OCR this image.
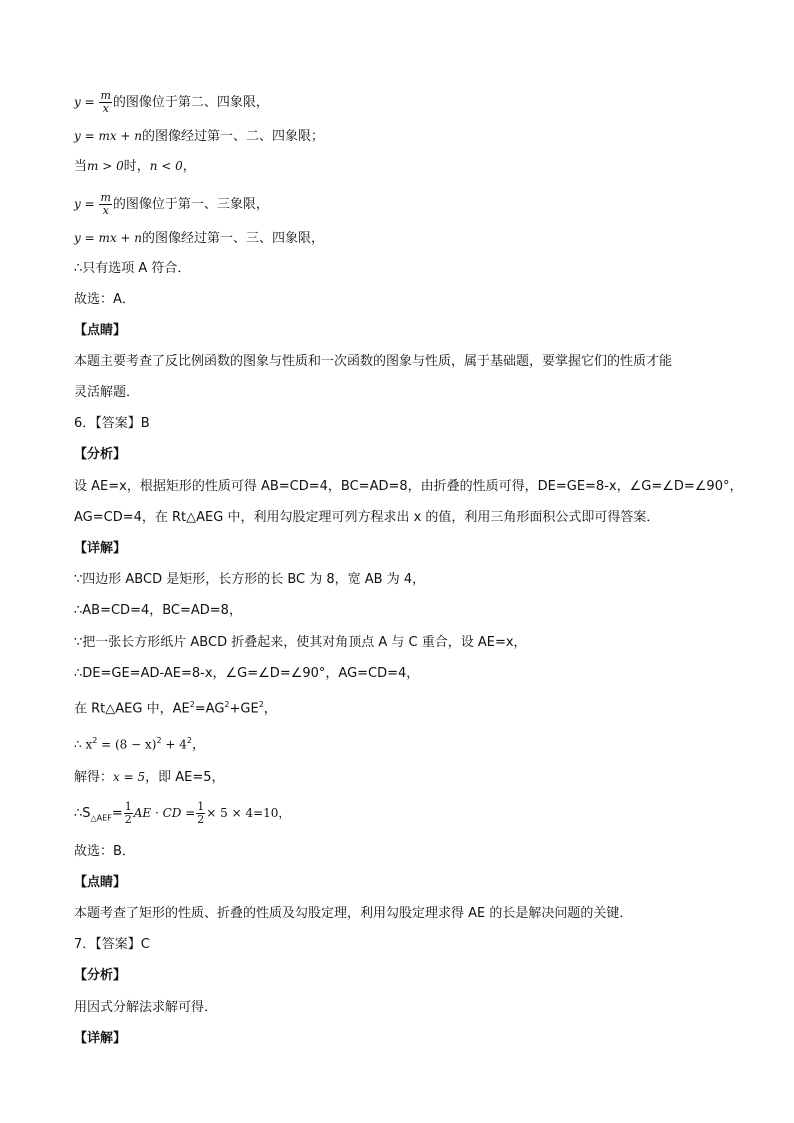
$y = \frac{m}{x}$ 的图像位于第二、四象限，
y = mx + n的图像经过第一、二、四象限；
当m > 0时，n < 0，
$y = \frac{m}{x}$ 的图像位于第一、三象限，
y = mx + n的图像经过第一、三、四象限，
∴只有选项 A 符合．
故选：A．
【点睛】
本题主要考查了反比例函数的图象与性质和一次函数的图象与性质，属于基础题，要掌握它们的性质才能
灵活解题．
6．【答案】B
【分析】
设 AE=x，根据矩形的性质可得 AB=CD=4，BC=AD=8，由折叠的性质可得，DE=GE=8-x，∠G=∠D=∠90°，
AG=CD=4，在 Rt△AEG 中，利用勾股定理可列方程求出 x 的值，利用三角形面积公式即可得答案．
【详解】
∵四边形 ABCD 是矩形，长方形的长 BC 为 8，宽 AB 为 4，
∴AB=CD=4，BC=AD=8，
∵把一张长方形纸片 ABCD 折叠起来，使其对角顶点 A 与 C 重合，设 AE=x，
∴DE=GE=AD-AE=8-x，∠G=∠D=∠90°，AG=CD=4，
在 Rt△AEG 中，$AE^2=AG^2+GE^2$，
∴ $x^2 = (8 - x)^2 + 4^2$，
解得：x = 5，即 AE=5，
$\therefore S_{\triangle AEF}= \frac{1}{2}$ AE · CD = $\frac{1}{2} \times 5 \times 4=10$，
故选：B．
【点睛】
本题考查了矩形的性质、折叠的性质及勾股定理，利用勾股定理求得 AE 的长是解决问题的关键．
7．【答案】C
【分析】
用因式分解法求解可得．
【详解】
